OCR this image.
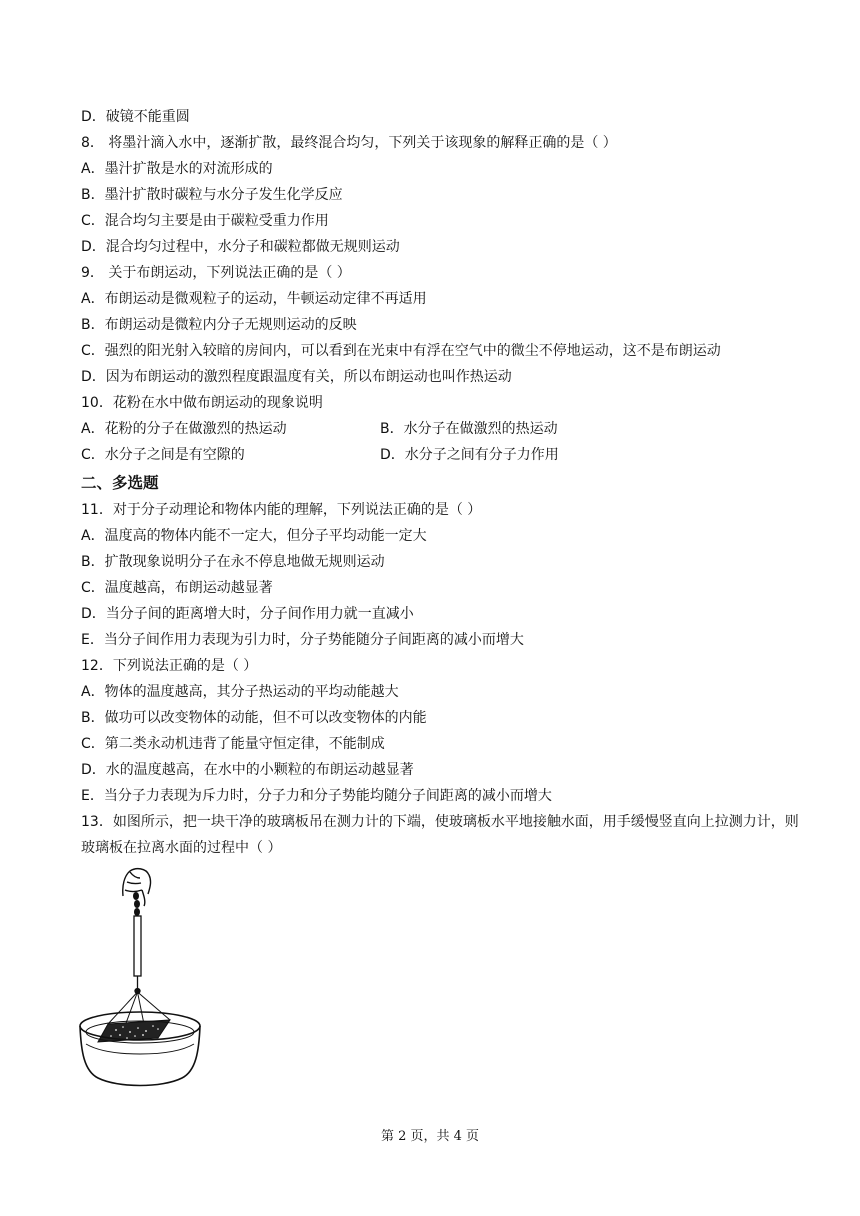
D．破镜不能重圆
8． 将墨汁滴入水中，逐渐扩散，最终混合均匀，下列关于该现象的解释正确的是（ ）
A．墨汁扩散是水的对流形成的
B．墨汁扩散时碳粒与水分子发生化学反应
C．混合均匀主要是由于碳粒受重力作用
D．混合均匀过程中，水分子和碳粒都做无规则运动
9． 关于布朗运动，下列说法正确的是（ ）
A．布朗运动是微观粒子的运动，牛顿运动定律不再适用
B．布朗运动是微粒内分子无规则运动的反映
C．强烈的阳光射入较暗的房间内，可以看到在光束中有浮在空气中的微尘不停地运动，这不是布朗运动
D．因为布朗运动的激烈程度跟温度有关，所以布朗运动也叫作热运动
10．花粉在水中做布朗运动的现象说明
A．花粉的分子在做激烈的热运动	B．水分子在做激烈的热运动
C．水分子之间是有空隙的	D．水分子之间有分子力作用
二、多选题
11．对于分子动理论和物体内能的理解，下列说法正确的是（ ）
A．温度高的物体内能不一定大，但分子平均动能一定大
B．扩散现象说明分子在永不停息地做无规则运动
C．温度越高，布朗运动越显著
D．当分子间的距离增大时，分子间作用力就一直减小
E．当分子间作用力表现为引力时，分子势能随分子间距离的减小而增大
12．下列说法正确的是（ ）
A．物体的温度越高，其分子热运动的平均动能越大
B．做功可以改变物体的动能，但不可以改变物体的内能
C．第二类永动机违背了能量守恒定律，不能制成
D．水的温度越高，在水中的小颗粒的布朗运动越显著
E．当分子力表现为斥力时，分子力和分子势能均随分子间距离的减小而增大
13．如图所示，把一块干净的玻璃板吊在测力计的下端，使玻璃板水平地接触水面，用手缓慢竖直向上拉测力计，则玻璃板在拉离水面的过程中（ ）
第 2 页，共 4 页
